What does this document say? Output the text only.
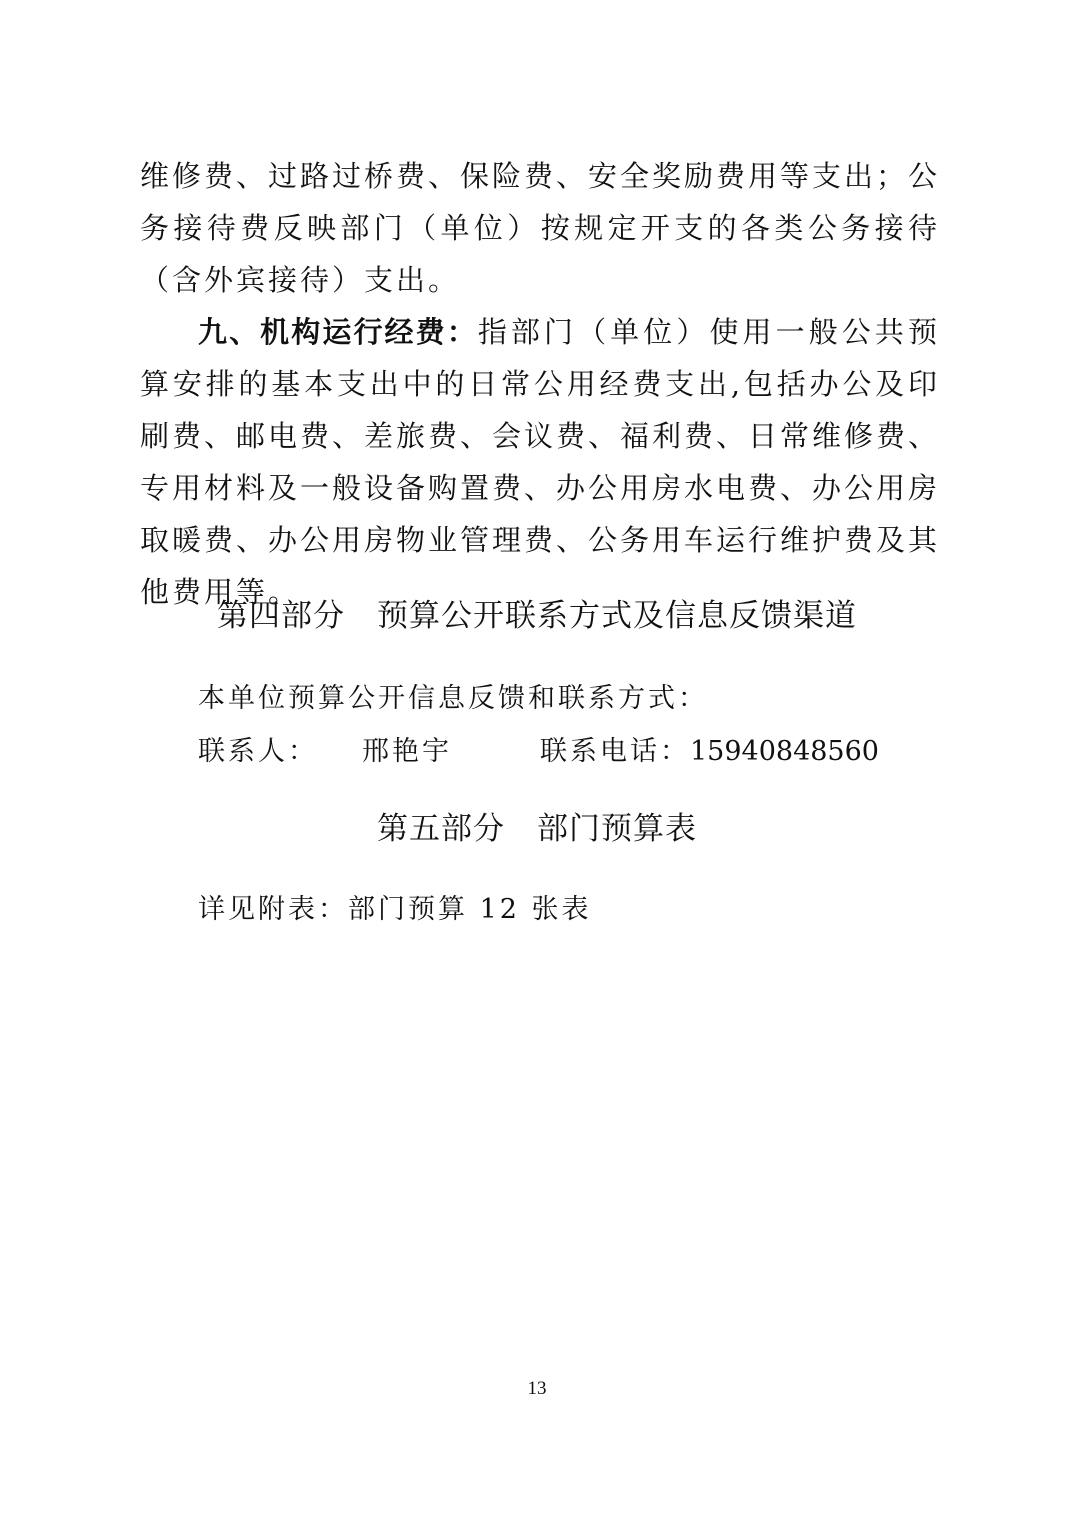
维修费、过路过桥费、保险费、安全奖励费用等支出；公务接待费反映部门（单位）按规定开支的各类公务接待（含外宾接待）支出。
九、机构运行经费：指部门（单位）使用一般公共预算安排的基本支出中的日常公用经费支出,包括办公及印刷费、邮电费、差旅费、会议费、福利费、日常维修费、专用材料及一般设备购置费、办公用房水电费、办公用房取暖费、办公用房物业管理费、公务用车运行维护费及其他费用等。
第四部分　预算公开联系方式及信息反馈渠道
本单位预算公开信息反馈和联系方式：
联系人： 邢艳宇	联系电话：15940848560
第五部分　部门预算表
详见附表：部门预算 12 张表
13
